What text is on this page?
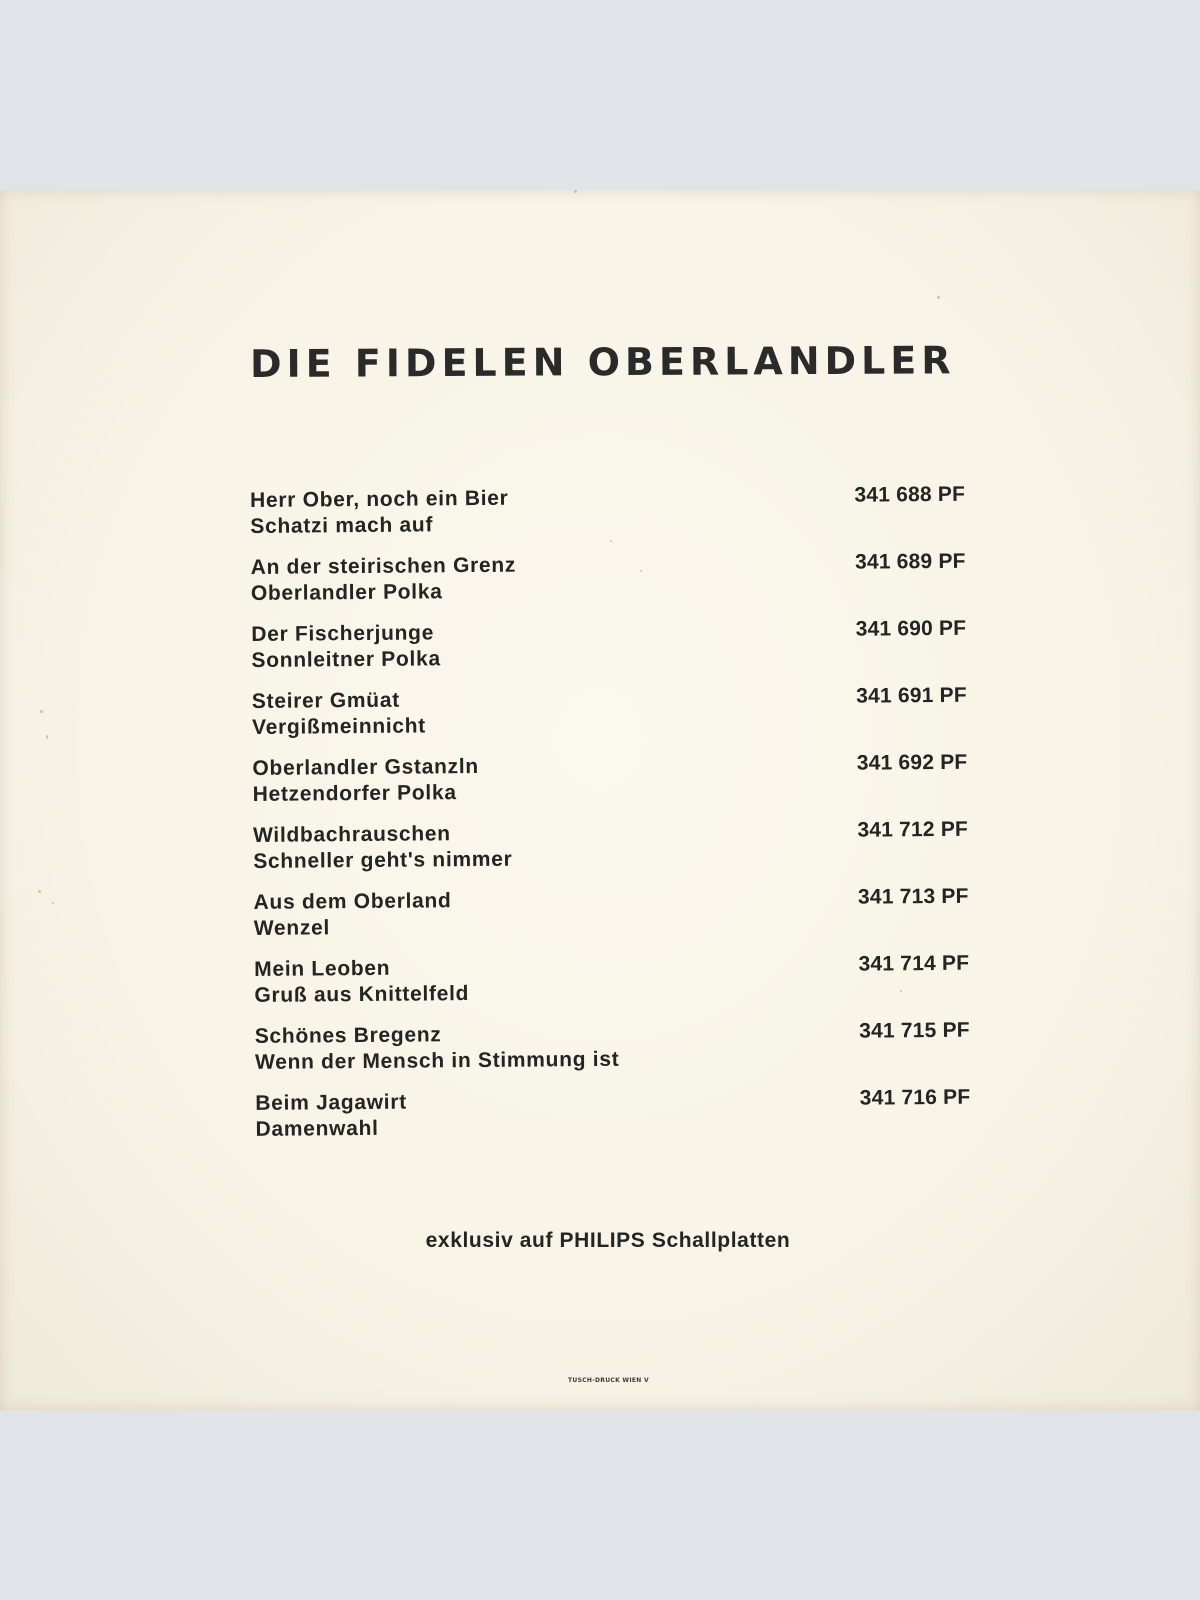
DIE FIDELEN OBERLANDLER
Herr Ober, noch ein Bier
Schatzi mach auf
341 688 PF
An der steirischen Grenz
Oberlandler Polka
341 689 PF
Der Fischerjunge
Sonnleitner Polka
341 690 PF
Steirer Gmüat
Vergißmeinnicht
341 691 PF
Oberlandler Gstanzln
Hetzendorfer Polka
341 692 PF
Wildbachrauschen
Schneller geht's nimmer
341 712 PF
Aus dem Oberland
Wenzel
341 713 PF
Mein Leoben
Gruß aus Knittelfeld
341 714 PF
Schönes Bregenz
Wenn der Mensch in Stimmung ist
341 715 PF
Beim Jagawirt
Damenwahl
341 716 PF
exklusiv auf PHILIPS Schallplatten
TUSCH-DRUCK WIEN V
